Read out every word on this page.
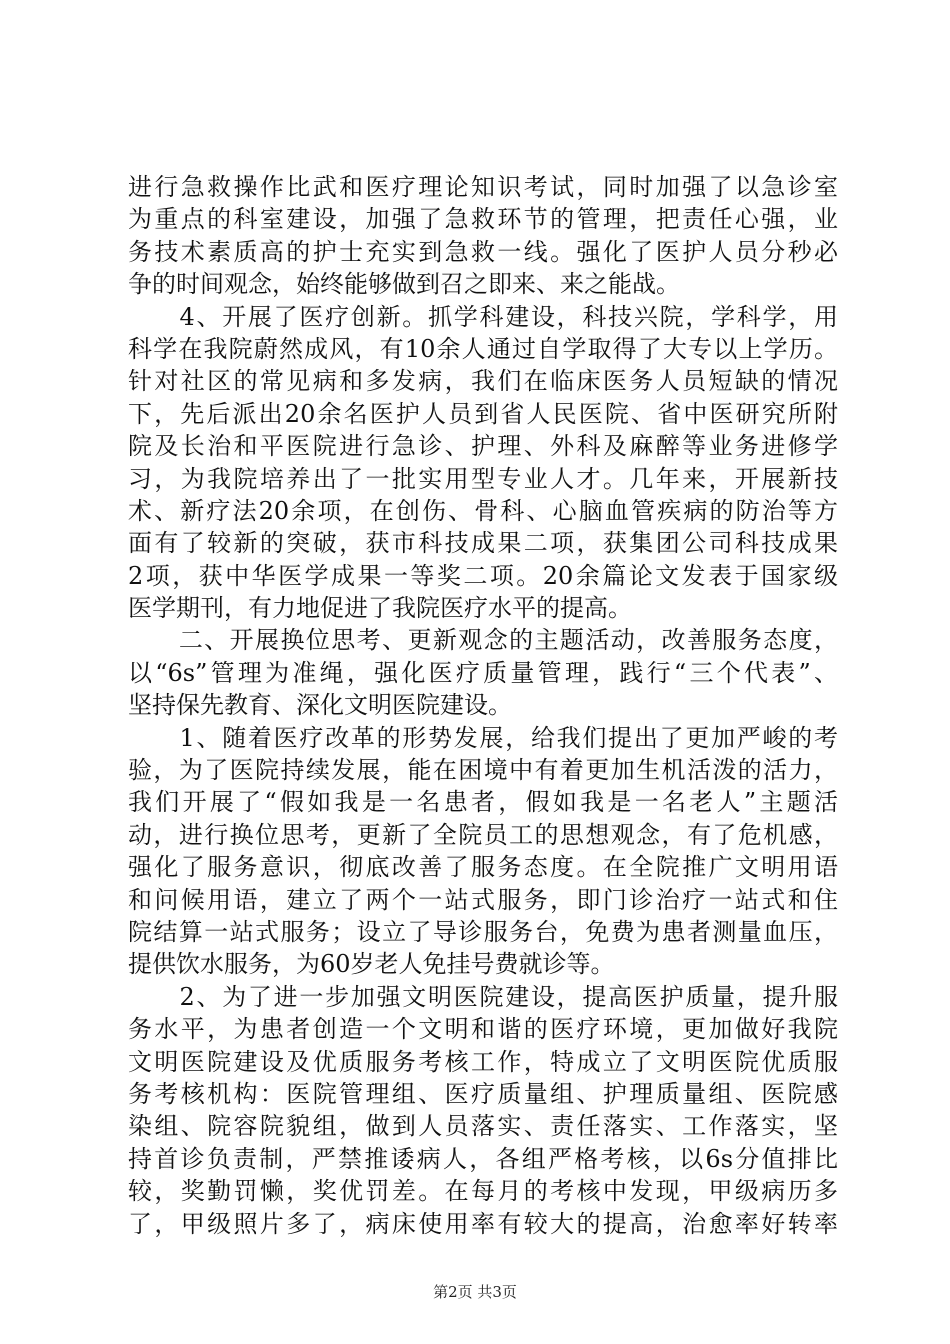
进行急救操作比武和医疗理论知识考试，同时加强了以急诊室
为重点的科室建设，加强了急救环节的管理，把责任心强，业
务技术素质高的护士充实到急救一线。强化了医护人员分秒必
争的时间观念，始终能够做到召之即来、来之能战。
　　4、开展了医疗创新。抓学科建设，科技兴院，学科学，用
科学在我院蔚然成风，有10余人通过自学取得了大专以上学历。
针对社区的常见病和多发病，我们在临床医务人员短缺的情况
下，先后派出20余名医护人员到省人民医院、省中医研究所附
院及长治和平医院进行急诊、护理、外科及麻醉等业务进修学
习，为我院培养出了一批实用型专业人才。几年来，开展新技
术、新疗法20余项，在创伤、骨科、心脑血管疾病的防治等方
面有了较新的突破，获市科技成果二项，获集团公司科技成果
2项，获中华医学成果一等奖二项。20余篇论文发表于国家级
医学期刊，有力地促进了我院医疗水平的提高。
　　二、开展换位思考、更新观念的主题活动，改善服务态度，
以“6s”管理为准绳，强化医疗质量管理，践行“三个代表”、
坚持保先教育、深化文明医院建设。
　　1、随着医疗改革的形势发展，给我们提出了更加严峻的考
验，为了医院持续发展，能在困境中有着更加生机活泼的活力，
我们开展了“假如我是一名患者，假如我是一名老人”主题活
动，进行换位思考，更新了全院员工的思想观念，有了危机感，
强化了服务意识，彻底改善了服务态度。在全院推广文明用语
和问候用语，建立了两个一站式服务，即门诊治疗一站式和住
院结算一站式服务；设立了导诊服务台，免费为患者测量血压，
提供饮水服务，为60岁老人免挂号费就诊等。
　　2、为了进一步加强文明医院建设，提高医护质量，提升服
务水平，为患者创造一个文明和谐的医疗环境，更加做好我院
文明医院建设及优质服务考核工作，特成立了文明医院优质服
务考核机构：医院管理组、医疗质量组、护理质量组、医院感
染组、院容院貌组，做到人员落实、责任落实、工作落实，坚
持首诊负责制，严禁推诿病人，各组严格考核，以6s分值排比
较，奖勤罚懒，奖优罚差。在每月的考核中发现，甲级病历多
了，甲级照片多了，病床使用率有较大的提高，治愈率好转率
第2页 共3页
